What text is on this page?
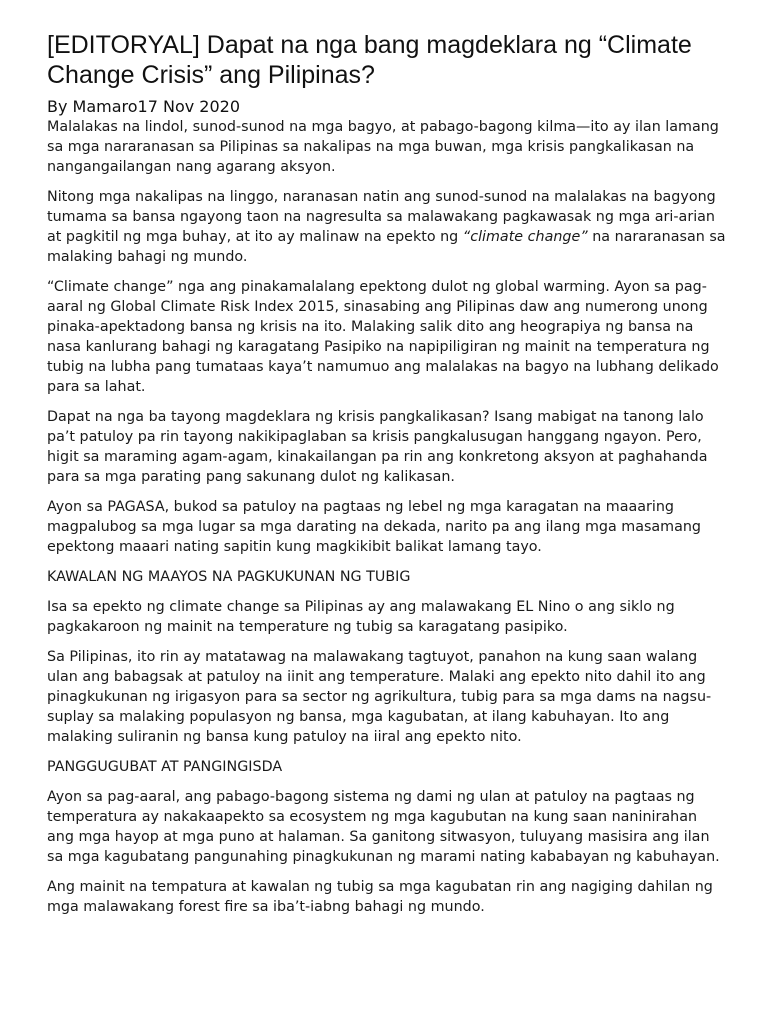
[EDITORYAL] Dapat na nga bang magdeklara ng “Climate Change Crisis” ang Pilipinas?
By Mamaro17 Nov 2020

Malalakas na lindol, sunod-sunod na mga bagyo, at pabago-bagong kilma—ito ay ilan lamang sa mga nararanasan sa Pilipinas sa nakalipas na mga buwan, mga krisis pangkalikasan na nangangailangan nang agarang aksyon.

Nitong mga nakalipas na linggo, naranasan natin ang sunod-sunod na malalakas na bagyong tumama sa bansa ngayong taon na nagresulta sa malawakang pagkawasak ng mga ari-arian at pagkitil ng mga buhay, at ito ay malinaw na epekto ng “climate change” na nararanasan sa malaking bahagi ng mundo.

“Climate change” nga ang pinakamalalang epektong dulot ng global warming. Ayon sa pag-aaral ng Global Climate Risk Index 2015, sinasabing ang Pilipinas daw ang numerong unong pinaka-apektadong bansa ng krisis na ito. Malaking salik dito ang heograpiya ng bansa na nasa kanlurang bahagi ng karagatang Pasipiko na napipiligiran ng mainit na temperatura ng tubig na lubha pang tumataas kaya’t namumuo ang malalakas na bagyo na lubhang delikado para sa lahat.

Dapat na nga ba tayong magdeklara ng krisis pangkalikasan? Isang mabigat na tanong lalo pa’t patuloy pa rin tayong nakikipaglaban sa krisis pangkalusugan hanggang ngayon. Pero, higit sa maraming agam-agam, kinakailangan pa rin ang konkretong aksyon at paghahanda para sa mga parating pang sakunang dulot ng kalikasan.

Ayon sa PAGASA, bukod sa patuloy na pagtaas ng lebel ng mga karagatan na maaaring magpalubog sa mga lugar sa mga darating na dekada, narito pa ang ilang mga masamang epektong maaari nating sapitin kung magkikibit balikat lamang tayo.

KAWALAN NG MAAYOS NA PAGKUKUNAN NG TUBIG

Isa sa epekto ng climate change sa Pilipinas ay ang malawakang EL Nino o ang siklo ng pagkakaroon ng mainit na temperature ng tubig sa karagatang pasipiko.

Sa Pilipinas, ito rin ay matatawag na malawakang tagtuyot, panahon na kung saan walang ulan ang babagsak at patuloy na iinit ang temperature. Malaki ang epekto nito dahil ito ang pinagkukunan ng irigasyon para sa sector ng agrikultura, tubig para sa mga dams na nagsu-suplay sa malaking populasyon ng bansa, mga kagubatan, at ilang kabuhayan. Ito ang malaking suliranin ng bansa kung patuloy na iiral ang epekto nito.

PANGGUGUBAT AT PANGINGISDA

Ayon sa pag-aaral, ang pabago-bagong sistema ng dami ng ulan at patuloy na pagtaas ng temperatura ay nakakaapekto sa ecosystem ng mga kagubutan na kung saan naninirahan ang mga hayop at mga puno at halaman. Sa ganitong sitwasyon, tuluyang masisira ang ilan sa mga kagubatang pangunahing pinagkukunan ng marami nating kababayan ng kabuhayan.

Ang mainit na tempatura at kawalan ng tubig sa mga kagubatan rin ang nagiging dahilan ng mga malawakang forest fire sa iba’t-iabng bahagi ng mundo.
